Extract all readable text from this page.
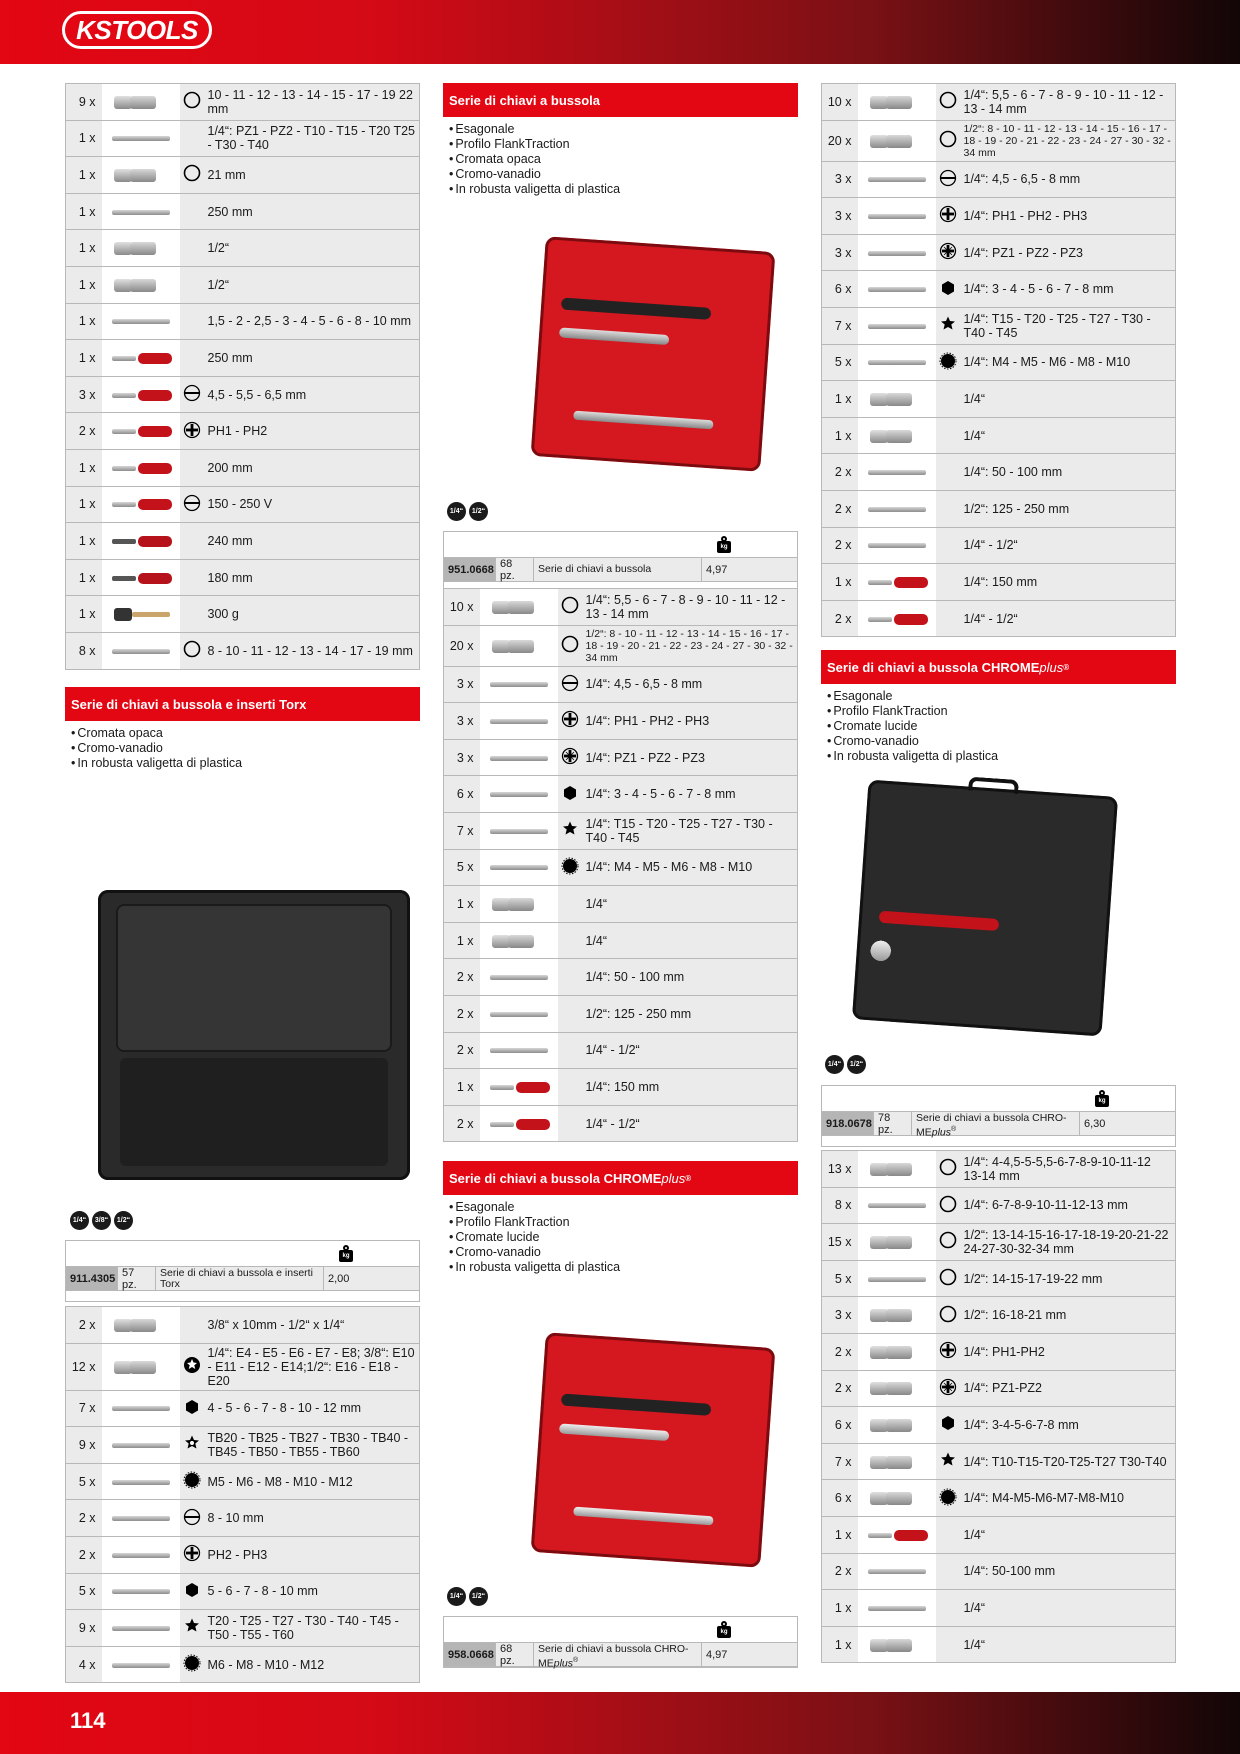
KSTOOLS
9 x			10 - 11 - 12 - 13 - 14 - 15 - 17 - 19 22 mm
1 x			1/4“: PZ1 - PZ2 - T10 - T15 - T20 T25 - T30 - T40
1 x			21 mm
1 x			250 mm
1 x			1/2“
1 x			1/2“
1 x			1,5 - 2 - 2,5 - 3 - 4 - 5 - 6 - 8 - 10 mm
1 x			250 mm
3 x			4,5 - 5,5 - 6,5 mm
2 x			PH1 - PH2
1 x			200 mm
1 x			150 - 250 V
1 x			240 mm
1 x			180 mm
1 x			300 g
8 x			8 - 10 - 11 - 12 - 13 - 14 - 17 - 19 mm
Serie di chiavi a bussola e inserti Torx
• Cromata opaca
• Cromo-vanadio
• In robusta valigetta di plastica
1/4“	3/8“	1/2“
kg
911.4305 57 pz.
Serie di chiavi a bussola e inserti Torx	2,00
2 x			3/8“ x 10mm - 1/2“ x 1/4“
12 x			1/4“: E4 - E5 - E6 - E7 - E8; 3/8“: E10 - E11 - E12 - E14;1/2“: E16 - E18 - E20
7 x			4 - 5 - 6 - 7 - 8 - 10 - 12 mm
9 x			TB20 - TB25 - TB27 - TB30 - TB40 - TB45 - TB50 - TB55 - TB60
5 x			M5 - M6 - M8 - M10 - M12
2 x			8 - 10 mm
2 x			PH2 - PH3
5 x			5 - 6 - 7 - 8 - 10 mm
9 x			T20 - T25 - T27 - T30 - T40 - T45 - T50 - T55 - T60
4 x			M6 - M8 - M10 - M12
Serie di chiavi a bussola
• Esagonale
• Profilo FlankTraction
• Cromata opaca
• Cromo-vanadio
• In robusta valigetta di plastica
1/4“	1/2“
kg
951.0668 68 pz.
Serie di chiavi a bussola	4,97
10 x			1/4“: 5,5 - 6 - 7 - 8 - 9 - 10 - 11 - 12 - 13 - 14 mm
20 x			1/2“: 8 - 10 - 11 - 12 - 13 - 14 - 15 - 16 - 17 - 18 - 19 - 20 - 21 - 22 - 23 - 24 - 27 - 30 - 32 - 34 mm
3 x			1/4“: 4,5 - 6,5 - 8 mm
3 x			1/4“: PH1 - PH2 - PH3
3 x			1/4“: PZ1 - PZ2 - PZ3
6 x			1/4“: 3 - 4 - 5 - 6 - 7 - 8 mm
7 x			1/4“: T15 - T20 - T25 - T27 - T30 - T40 - T45
5 x			1/4“: M4 - M5 - M6 - M8 - M10
1 x			1/4“
1 x			1/4“
2 x			1/4“: 50 - 100 mm
2 x			1/2“: 125 - 250 mm
2 x			1/4“ - 1/2“
1 x			1/4“: 150 mm
2 x			1/4“ - 1/2“
Serie di chiavi a bussola CHROME plus ®
• Esagonale
• Profilo FlankTraction
• Cromate lucide
• Cromo-vanadio
• In robusta valigetta di plastica
1/4“	1/2“
kg
958.0668 68 pz.
Serie di chiavi a bussola CHRO-MEplus®	4,97
10 x			1/4“: 5,5 - 6 - 7 - 8 - 9 - 10 - 11 - 12 - 13 - 14 mm
20 x			1/2“: 8 - 10 - 11 - 12 - 13 - 14 - 15 - 16 - 17 - 18 - 19 - 20 - 21 - 22 - 23 - 24 - 27 - 30 - 32 - 34 mm
3 x			1/4“: 4,5 - 6,5 - 8 mm
3 x			1/4“: PH1 - PH2 - PH3
3 x			1/4“: PZ1 - PZ2 - PZ3
6 x			1/4“: 3 - 4 - 5 - 6 - 7 - 8 mm
7 x			1/4“: T15 - T20 - T25 - T27 - T30 - T40 - T45
5 x			1/4“: M4 - M5 - M6 - M8 - M10
1 x			1/4“
1 x			1/4“
2 x			1/4“: 50 - 100 mm
2 x			1/2“: 125 - 250 mm
2 x			1/4“ - 1/2“
1 x			1/4“: 150 mm
2 x			1/4“ - 1/2“
Serie di chiavi a bussola CHROME plus ®
• Esagonale
• Profilo FlankTraction
• Cromate lucide
• Cromo-vanadio
• In robusta valigetta di plastica
1/4“	1/2“
kg
918.0678 78 pz.
Serie di chiavi a bussola CHRO-MEplus®	6,30
13 x			1/4“: 4-4,5-5-5,5-6-7-8-9-10-11-12 13-14 mm
8 x			1/4“: 6-7-8-9-10-11-12-13 mm
15 x			1/2“: 13-14-15-16-17-18-19-20-21-22 24-27-30-32-34 mm
5 x			1/2“: 14-15-17-19-22 mm
3 x			1/2“: 16-18-21 mm
2 x			1/4“: PH1-PH2
2 x			1/4“: PZ1-PZ2
6 x			1/4“: 3-4-5-6-7-8 mm
7 x			1/4“: T10-T15-T20-T25-T27 T30-T40
6 x			1/4“: M4-M5-M6-M7-M8-M10
1 x			1/4“
2 x			1/4“: 50-100 mm
1 x			1/4“
1 x			1/4“
114
